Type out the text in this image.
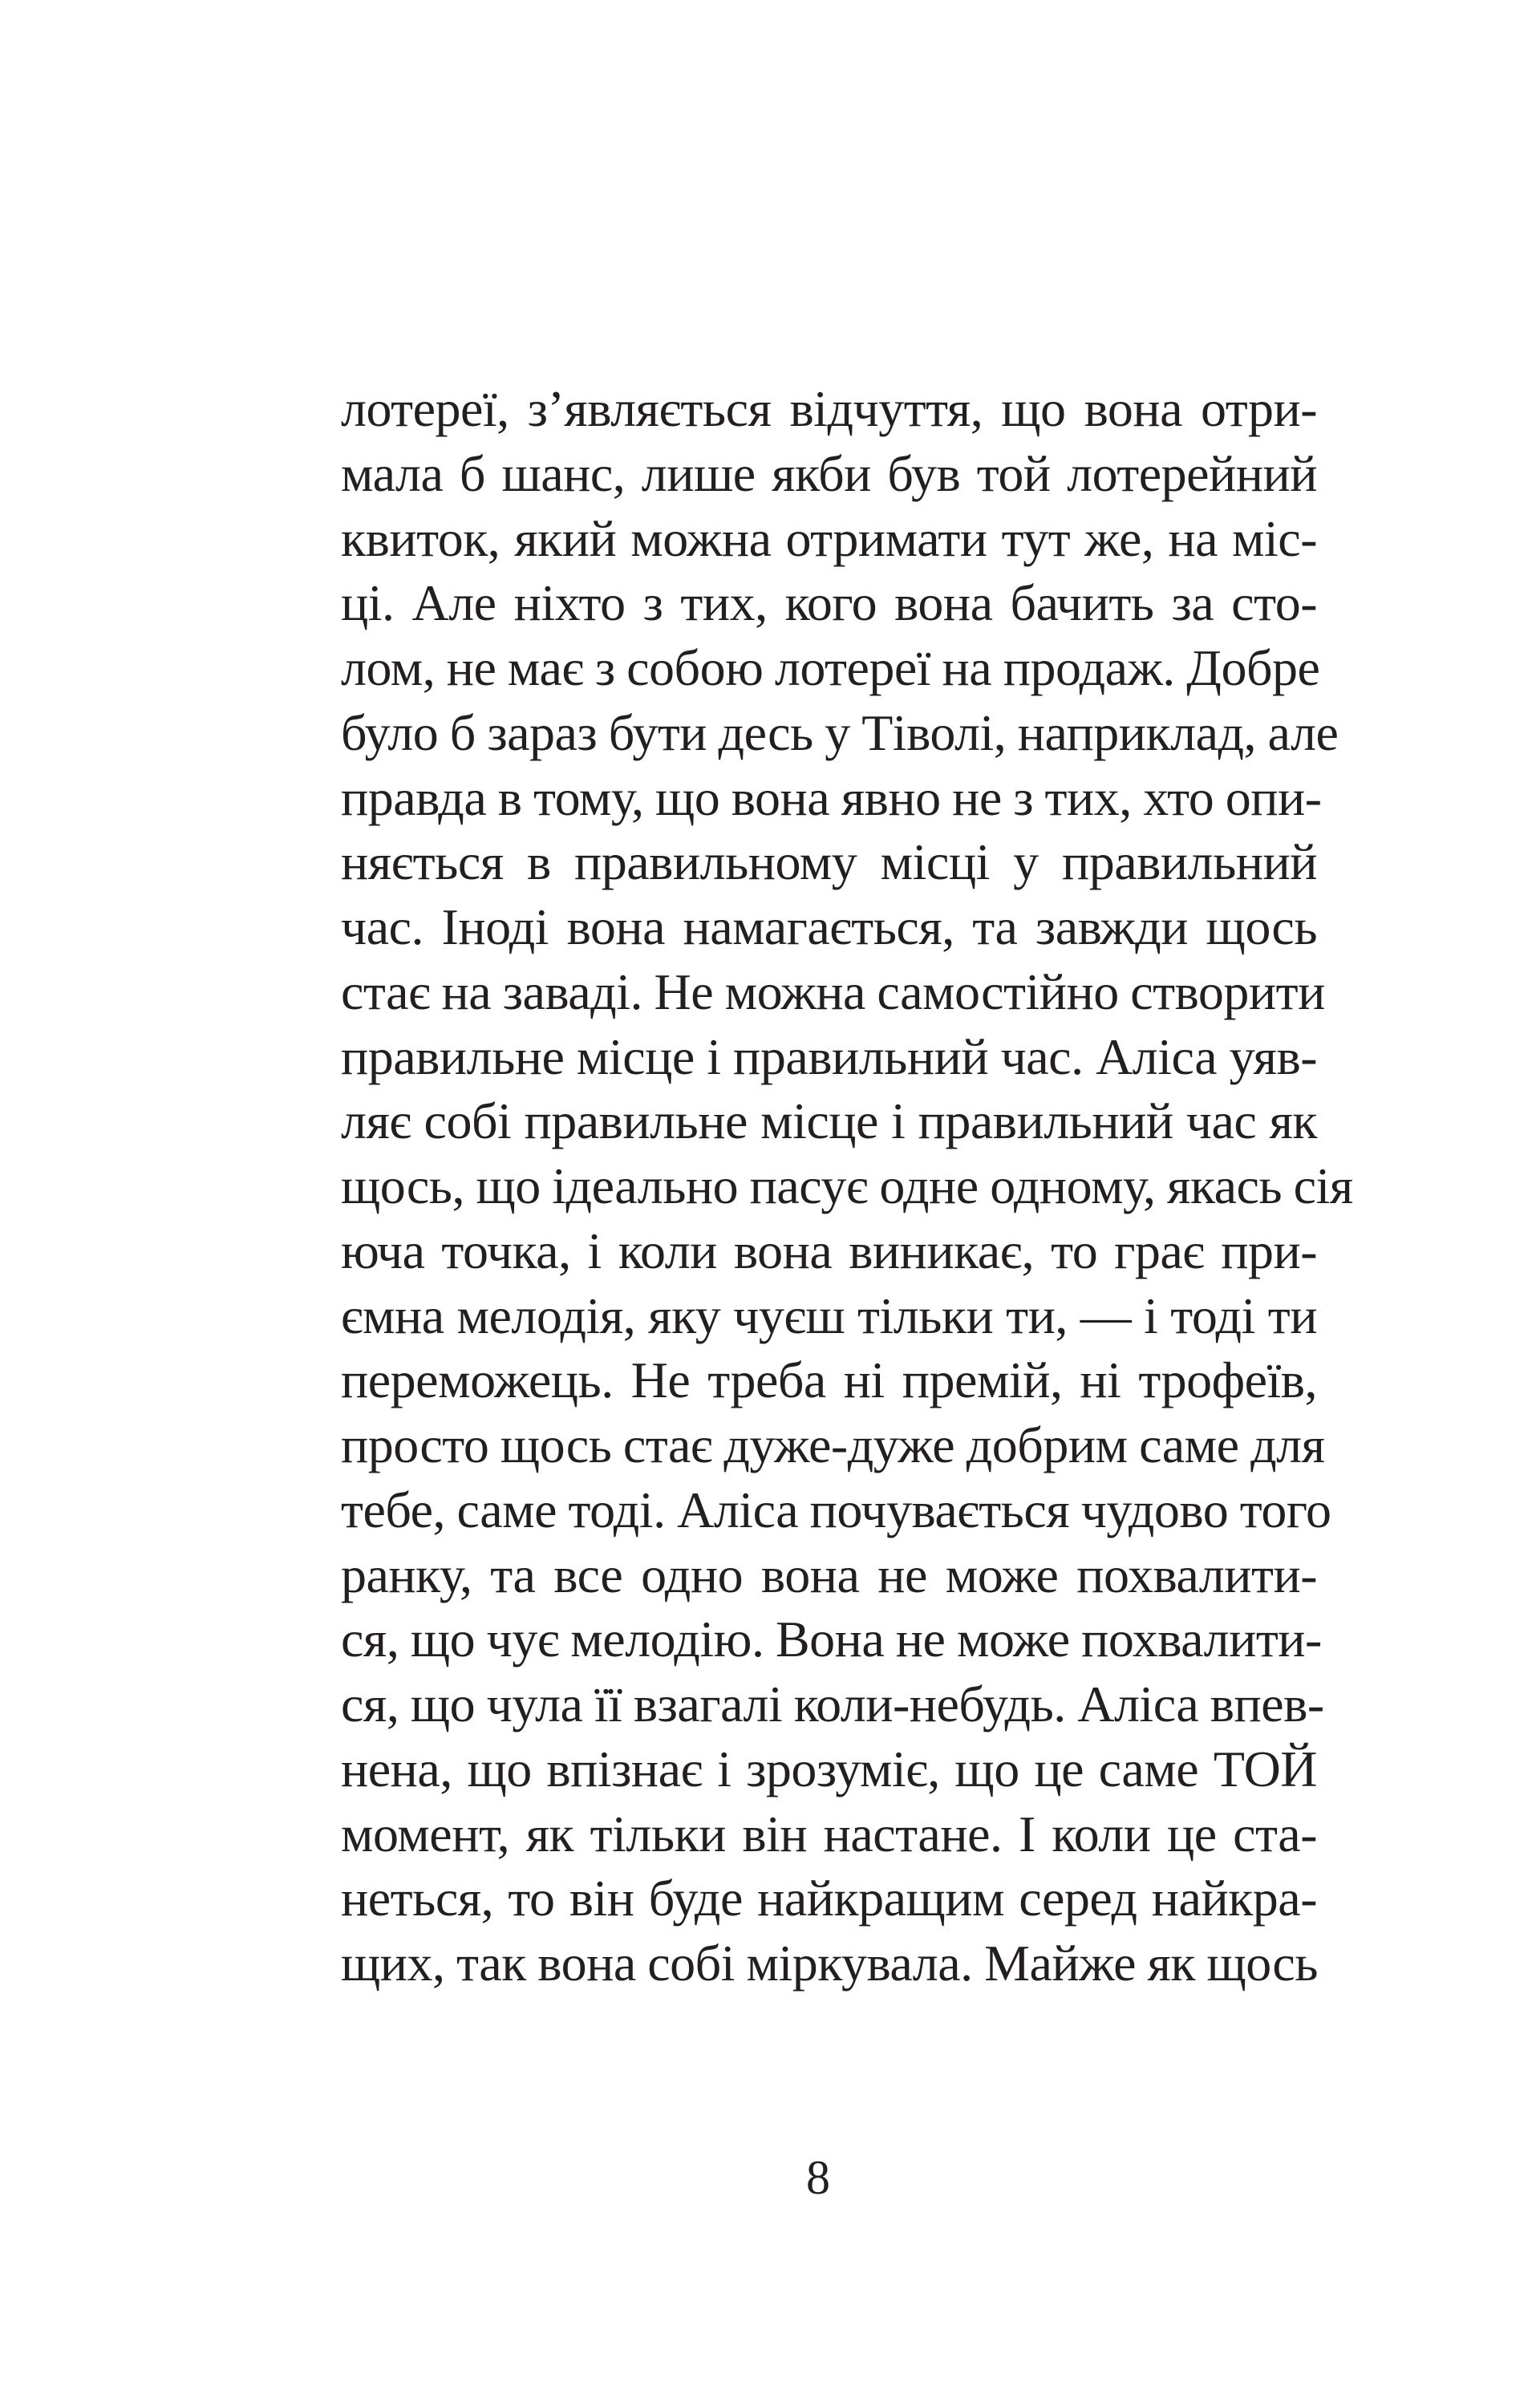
лотереї, з’являється відчуття, що вона отри-
мала б шанс, лише якби був той лотерейний
квиток, який можна отримати тут же, на міс-
ці. Але ніхто з тих, кого вона бачить за сто-
лом, не має з собою лотереї на продаж. Добре
було б зараз бути десь у Тіволі, наприклад, але
правда в тому, що вона явно не з тих, хто опи-
няється в правильному місці у правильний
час. Іноді вона намагається, та завжди щось
стає на заваді. Не можна самостійно створити
правильне місце і правильний час. Аліса уяв-
ляє собі правильне місце і правильний час як
щось, що ідеально пасує одне одному, якась сія
юча точка, і коли вона виникає, то грає при-
ємна мелодія, яку чуєш тільки ти, — і тоді ти
переможець. Не треба ні премій, ні трофеїв,
просто щось стає дуже-дуже добрим саме для
тебе, саме тоді. Аліса почувається чудово того
ранку, та все одно вона не може похвалити-
ся, що чує мелодію. Вона не може похвалити-
ся, що чула її взагалі коли-небудь. Аліса впев-
нена, що впізнає і зрозуміє, що це саме ТОЙ
момент, як тільки він настане. І коли це ста-
неться, то він буде найкращим серед найкра-
щих, так вона собі міркувала. Майже як щось
8
